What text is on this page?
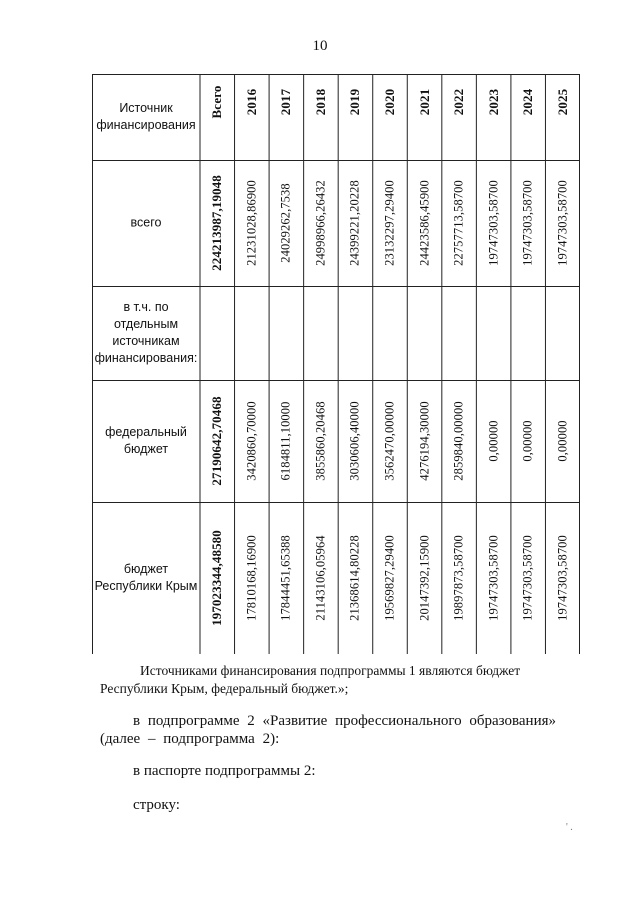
10
Источник
финансирования
Всего 2016 2017 2018 2019 2020 2021 2022 2023 2024 2025
всего	224213987,19048 21231028,86900 24029262,7538 24998966,26432 24399221,20228 23132297,29400 24423586,45900 22757713,58700 19747303,58700 19747303,58700 19747303,58700
в т.ч. по
отдельным
источникам
финансирования:
федеральный
бюджет	27190642,70468 3420860,70000 6184811,10000 3855860,20468 3030606,40000 3562470,00000 4276194,30000 2859840,00000 0,00000 0,00000 0,00000
бюджет
Республики Крым 197023344,48580 17810168,16900 17844451,65388 21143106,05964 21368614,80228 19569827,29400 20147392,15900 19897873,58700 19747303,58700 19747303,58700 19747303,58700
Источниками финансирования подпрограммы 1 являются бюджет Республики Крым, федеральный бюджет.»;
в подпрограмме 2 «Развитие профессионального образования» (далее – подпрограмма 2):
в паспорте подпрограммы 2:
строку:
' .
